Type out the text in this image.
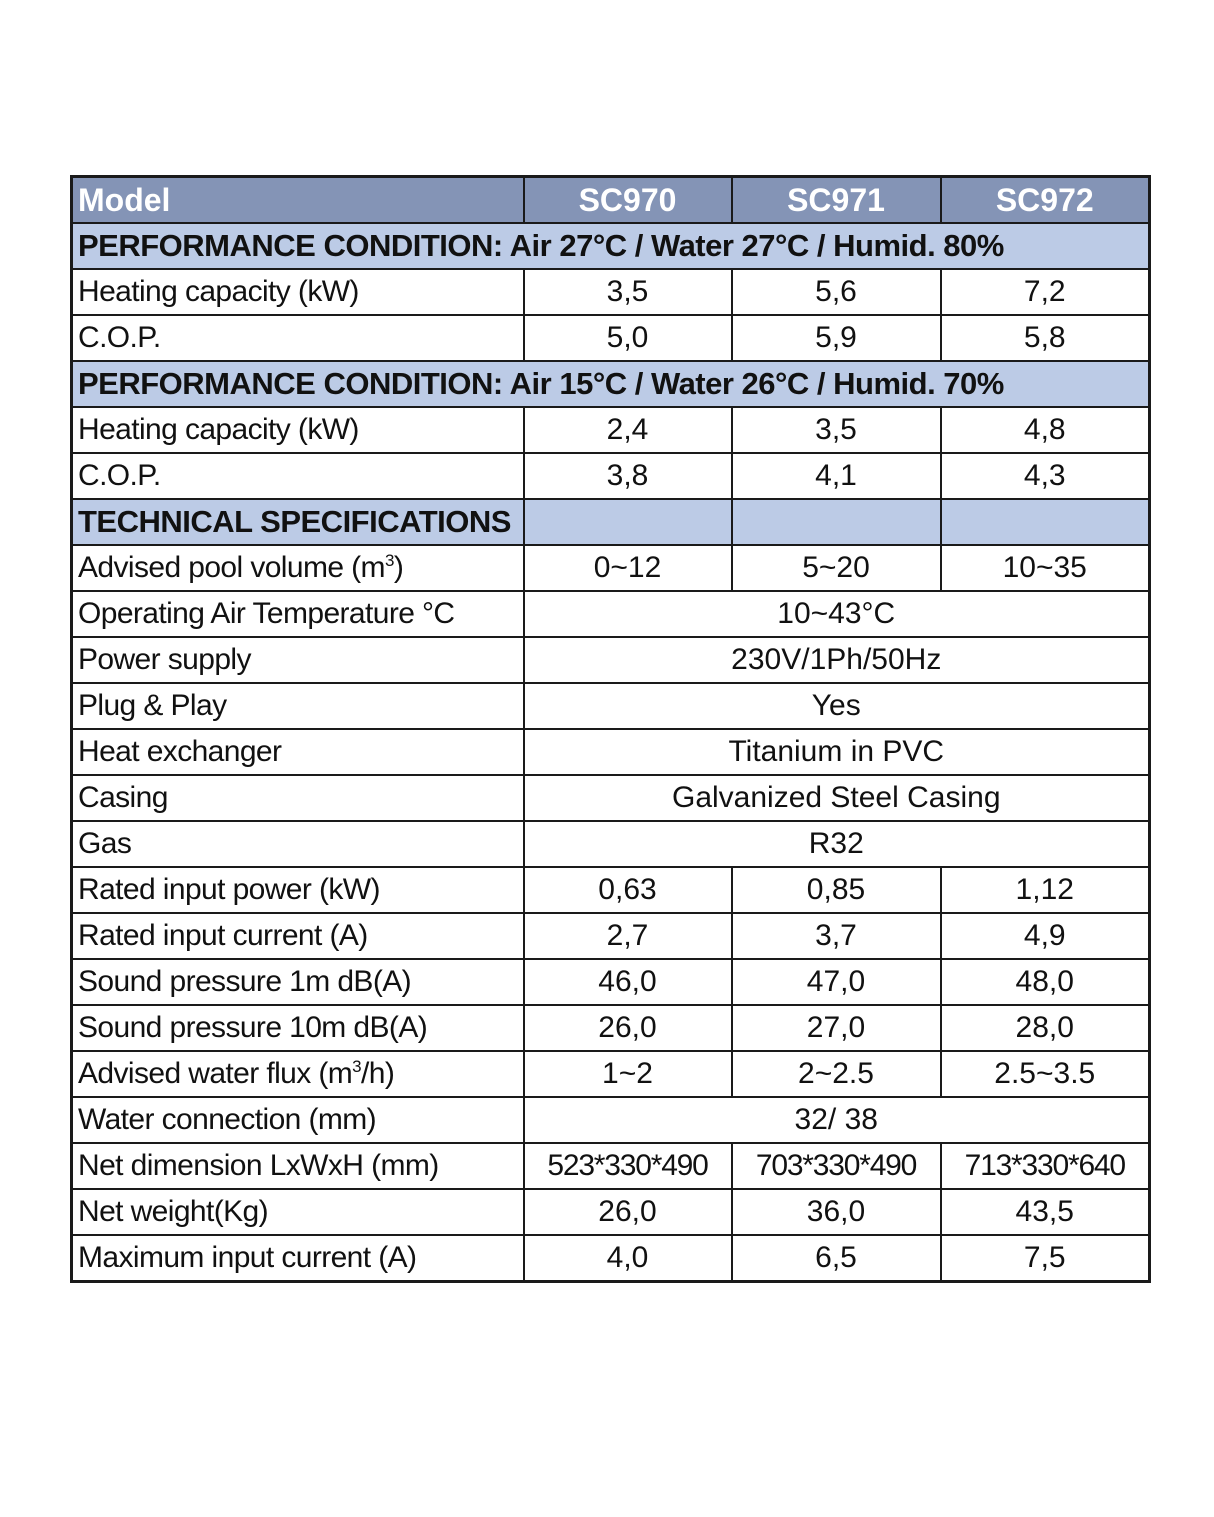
Model	SC970	SC971	SC972
PERFORMANCE CONDITION: Air 27°C / Water 27°C / Humid. 80%			
Heating capacity (kW)	3,5	5,6	7,2
C.O.P.	5,0	5,9	5,8
PERFORMANCE CONDITION: Air 15°C / Water 26°C / Humid. 70%			
Heating capacity (kW)	2,4	3,5	4,8
C.O.P.	3,8	4,1	4,3
TECHNICAL SPECIFICATIONS			
Advised pool volume $(m^3)$	0~12	5~20	10~35
Operating Air Temperature °C	10~43°C		
Power supply	230V/1Ph/50Hz		
Plug & Play	Yes		
Heat exchanger	Titanium in PVC		
Casing	Galvanized Steel Casing		
Gas	R32		
Rated input power (kW)	0,63	0,85	1,12
Rated input current (A)	2,7	3,7	4,9
Sound pressure 1m dB(A)	46,0	47,0	48,0
Sound pressure 10m dB(A)	26,0	27,0	28,0
Advised water flux $(m^3/h)$	1~2	2~2.5	2.5~3.5
Water connection (mm)	32/ 38		
Net dimension LxWxH (mm)	523*330*490	703*330*490	713*330*640
Net weight(Kg)	26,0	36,0	43,5
Maximum input current (A)	4,0	6,5	7,5
